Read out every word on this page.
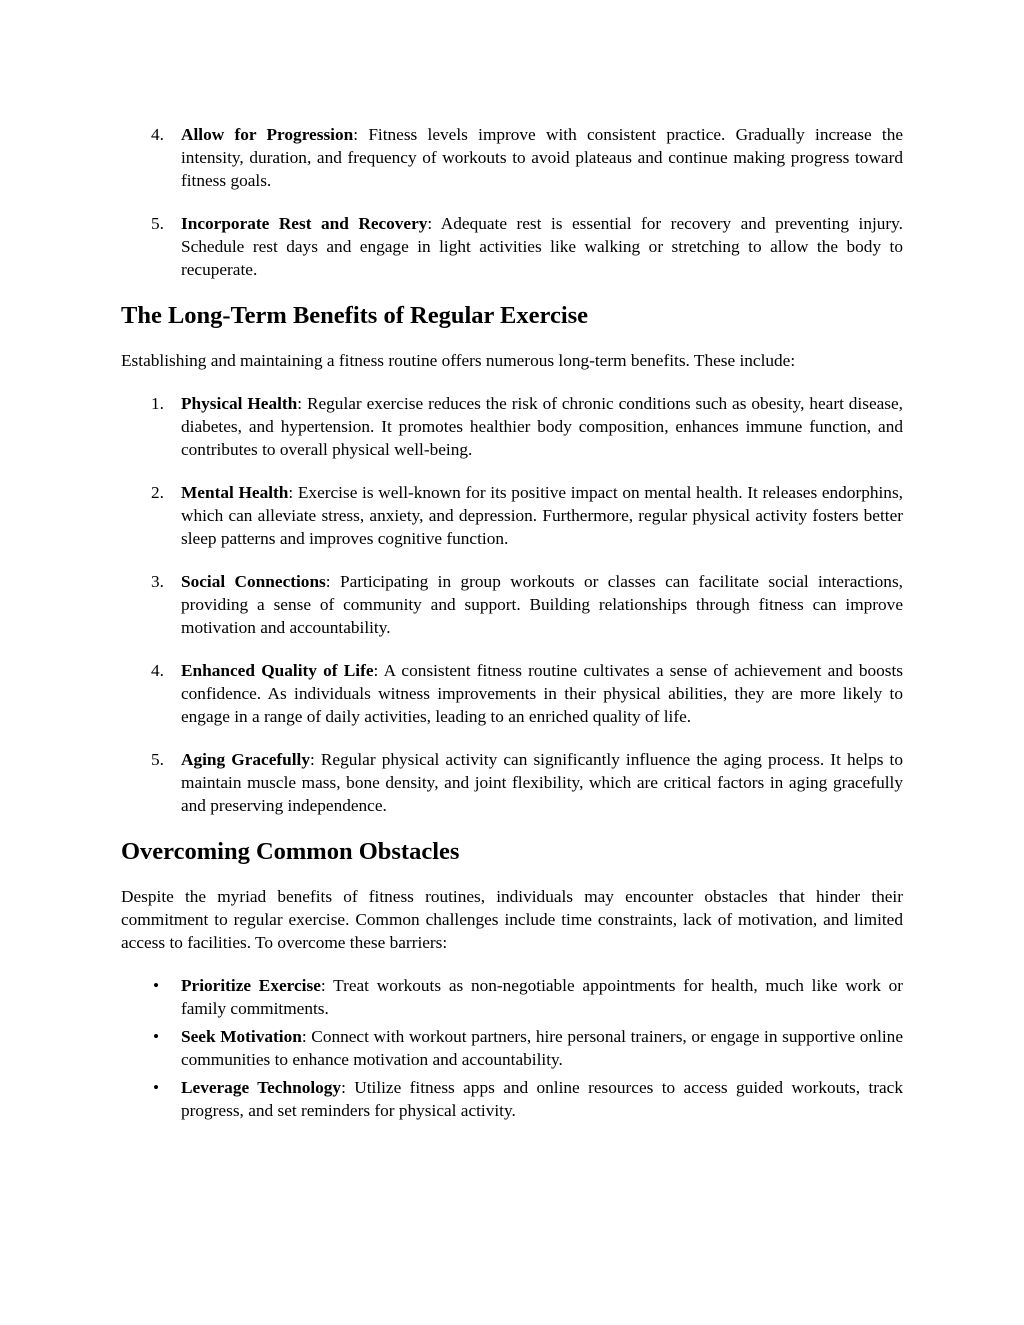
4. Allow for Progression: Fitness levels improve with consistent practice. Gradually increase the intensity, duration, and frequency of workouts to avoid plateaus and continue making progress toward fitness goals.
5. Incorporate Rest and Recovery: Adequate rest is essential for recovery and preventing injury. Schedule rest days and engage in light activities like walking or stretching to allow the body to recuperate.
The Long-Term Benefits of Regular Exercise

Establishing and maintaining a fitness routine offers numerous long-term benefits. These include:

1. Physical Health: Regular exercise reduces the risk of chronic conditions such as obesity, heart disease, diabetes, and hypertension. It promotes healthier body composition, enhances immune function, and contributes to overall physical well-being.
2. Mental Health: Exercise is well-known for its positive impact on mental health. It releases endorphins, which can alleviate stress, anxiety, and depression. Furthermore, regular physical activity fosters better sleep patterns and improves cognitive function.
3. Social Connections: Participating in group workouts or classes can facilitate social interactions, providing a sense of community and support. Building relationships through fitness can improve motivation and accountability.
4. Enhanced Quality of Life: A consistent fitness routine cultivates a sense of achievement and boosts confidence. As individuals witness improvements in their physical abilities, they are more likely to engage in a range of daily activities, leading to an enriched quality of life.
5. Aging Gracefully: Regular physical activity can significantly influence the aging process. It helps to maintain muscle mass, bone density, and joint flexibility, which are critical factors in aging gracefully and preserving independence.
Overcoming Common Obstacles

Despite the myriad benefits of fitness routines, individuals may encounter obstacles that hinder their commitment to regular exercise. Common challenges include time constraints, lack of motivation, and limited access to facilities. To overcome these barriers:

• Prioritize Exercise: Treat workouts as non-negotiable appointments for health, much like work or family commitments.
• Seek Motivation: Connect with workout partners, hire personal trainers, or engage in supportive online communities to enhance motivation and accountability.
• Leverage Technology: Utilize fitness apps and online resources to access guided workouts, track progress, and set reminders for physical activity.
